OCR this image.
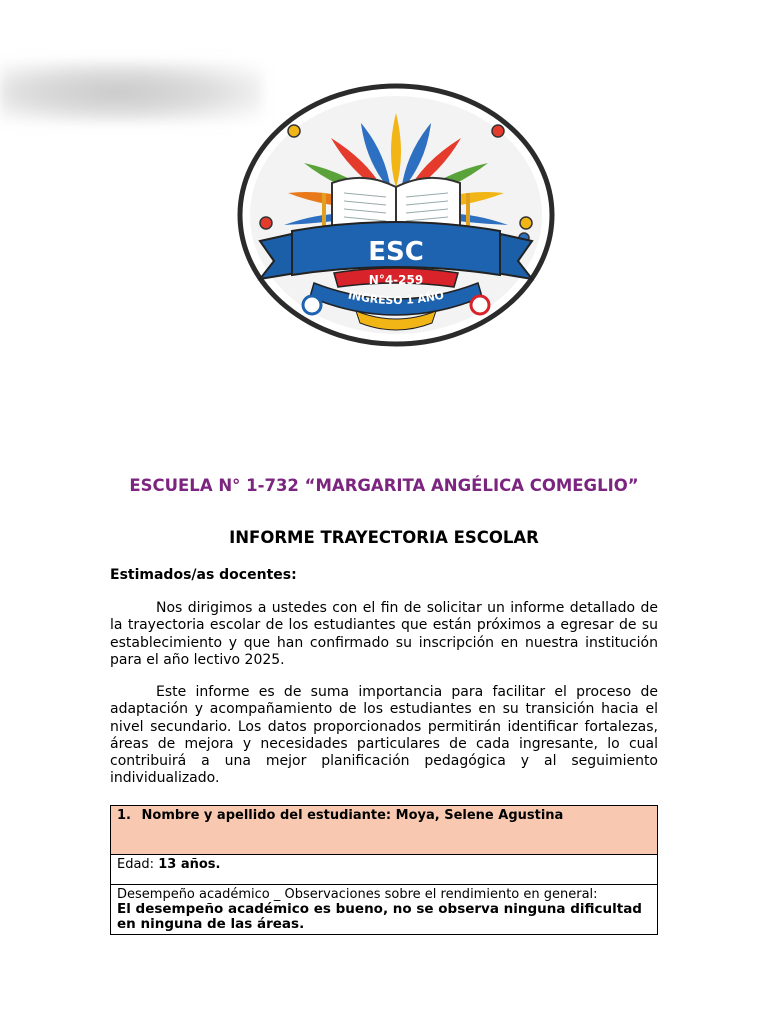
ESC
N°4-259
INGRESO 1 AÑO
ESCUELA N° 1-732 “MARGARITA ANGÉLICA COMEGLIO”
INFORME TRAYECTORIA ESCOLAR
Estimados/as docentes:
Nos dirigimos a ustedes con el fin de solicitar un informe detallado de la trayectoria escolar de los estudiantes que están próximos a egresar de su establecimiento y que han confirmado su inscripción en nuestra institución para el año lectivo 2025.
Este informe es de suma importancia para facilitar el proceso de adaptación y acompañamiento de los estudiantes en su transición hacia el nivel secundario. Los datos proporcionados permitirán identificar fortalezas, áreas de mejora y necesidades particulares de cada ingresante, lo cual contribuirá a una mejor planificación pedagógica y al seguimiento individualizado.
1. Nombre y apellido del estudiante: Moya, Selene Agustina
Edad: 13 años.

Desempeño académico _ Observaciones sobre el rendimiento en general:
El desempeño académico es bueno, no se observa ninguna dificultad en ninguna de las áreas.
